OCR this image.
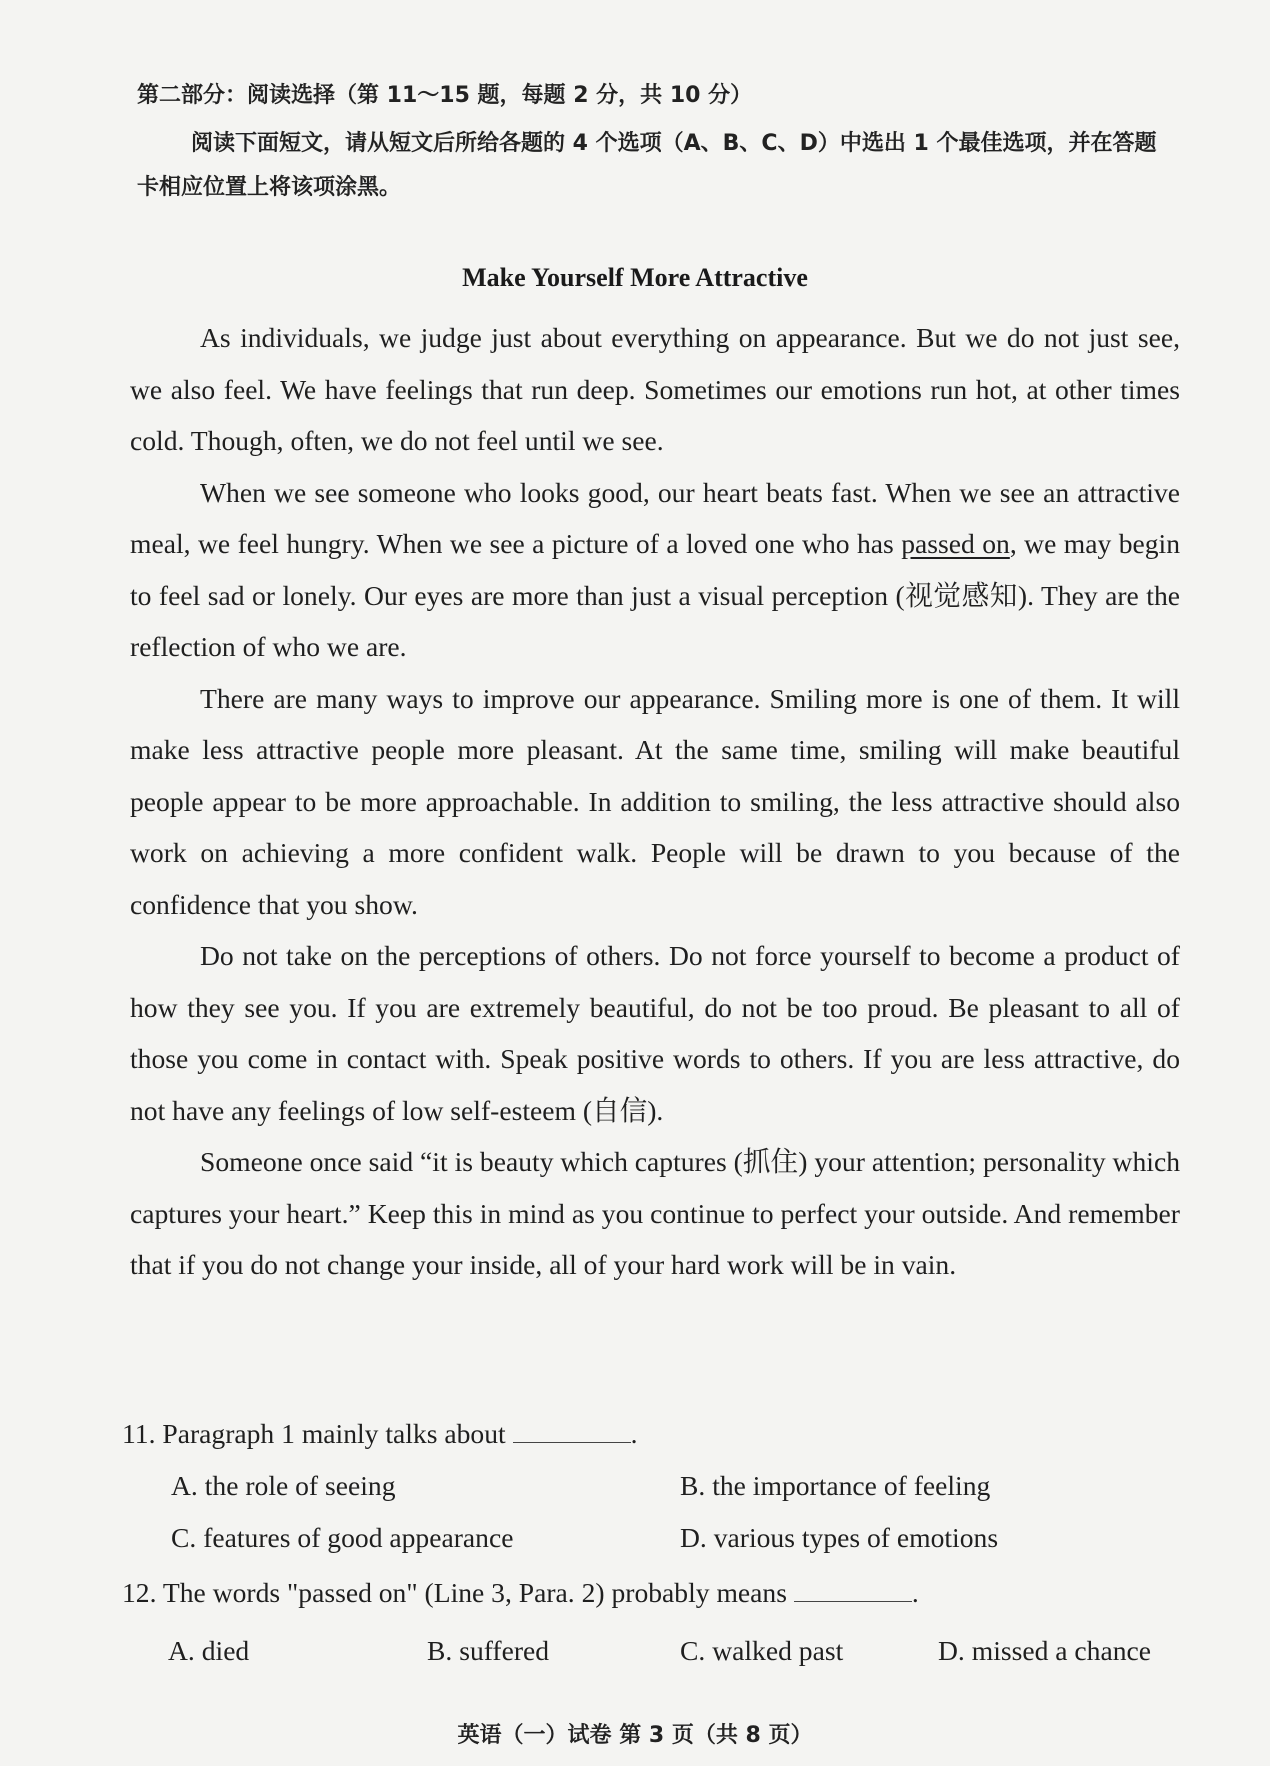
第二部分：阅读选择（第 11～15 题，每题 2 分，共 10 分）
阅读下面短文，请从短文后所给各题的 4 个选项（A、B、C、D）中选出 1 个最佳选项，并在答题卡相应位置上将该项涂黑。
Make Yourself More Attractive

As individuals, we judge just about everything on appearance. But we do not just see, we also feel. We have feelings that run deep. Sometimes our emotions run hot, at other times cold. Though, often, we do not feel until we see.

When we see someone who looks good, our heart beats fast. When we see an attractive meal, we feel hungry. When we see a picture of a loved one who has passed on, we may begin to feel sad or lonely. Our eyes are more than just a visual perception (视觉感知). They are the reflection of who we are.

There are many ways to improve our appearance. Smiling more is one of them. It will make less attractive people more pleasant. At the same time, smiling will make beautiful people appear to be more approachable. In addition to smiling, the less attractive should also work on achieving a more confident walk. People will be drawn to you because of the confidence that you show.

Do not take on the perceptions of others. Do not force yourself to become a product of how they see you. If you are extremely beautiful, do not be too proud. Be pleasant to all of those you come in contact with. Speak positive words to others. If you are less attractive, do not have any feelings of low self-esteem (自信).

Someone once said “it is beauty which captures (抓住) your attention; personality which captures your heart.” Keep this in mind as you continue to perfect your outside. And remember that if you do not change your inside, all of your hard work will be in vain.

11. Paragraph 1 mainly talks about	.
A. the role of seeing	B. the importance of feeling
C. features of good appearance	D. various types of emotions
12. The words "passed on" (Line 3, Para. 2) probably means	.
A. died	B. suffered	C. walked past	D. missed a chance
英语（一）试卷 第 3 页（共 8 页）
